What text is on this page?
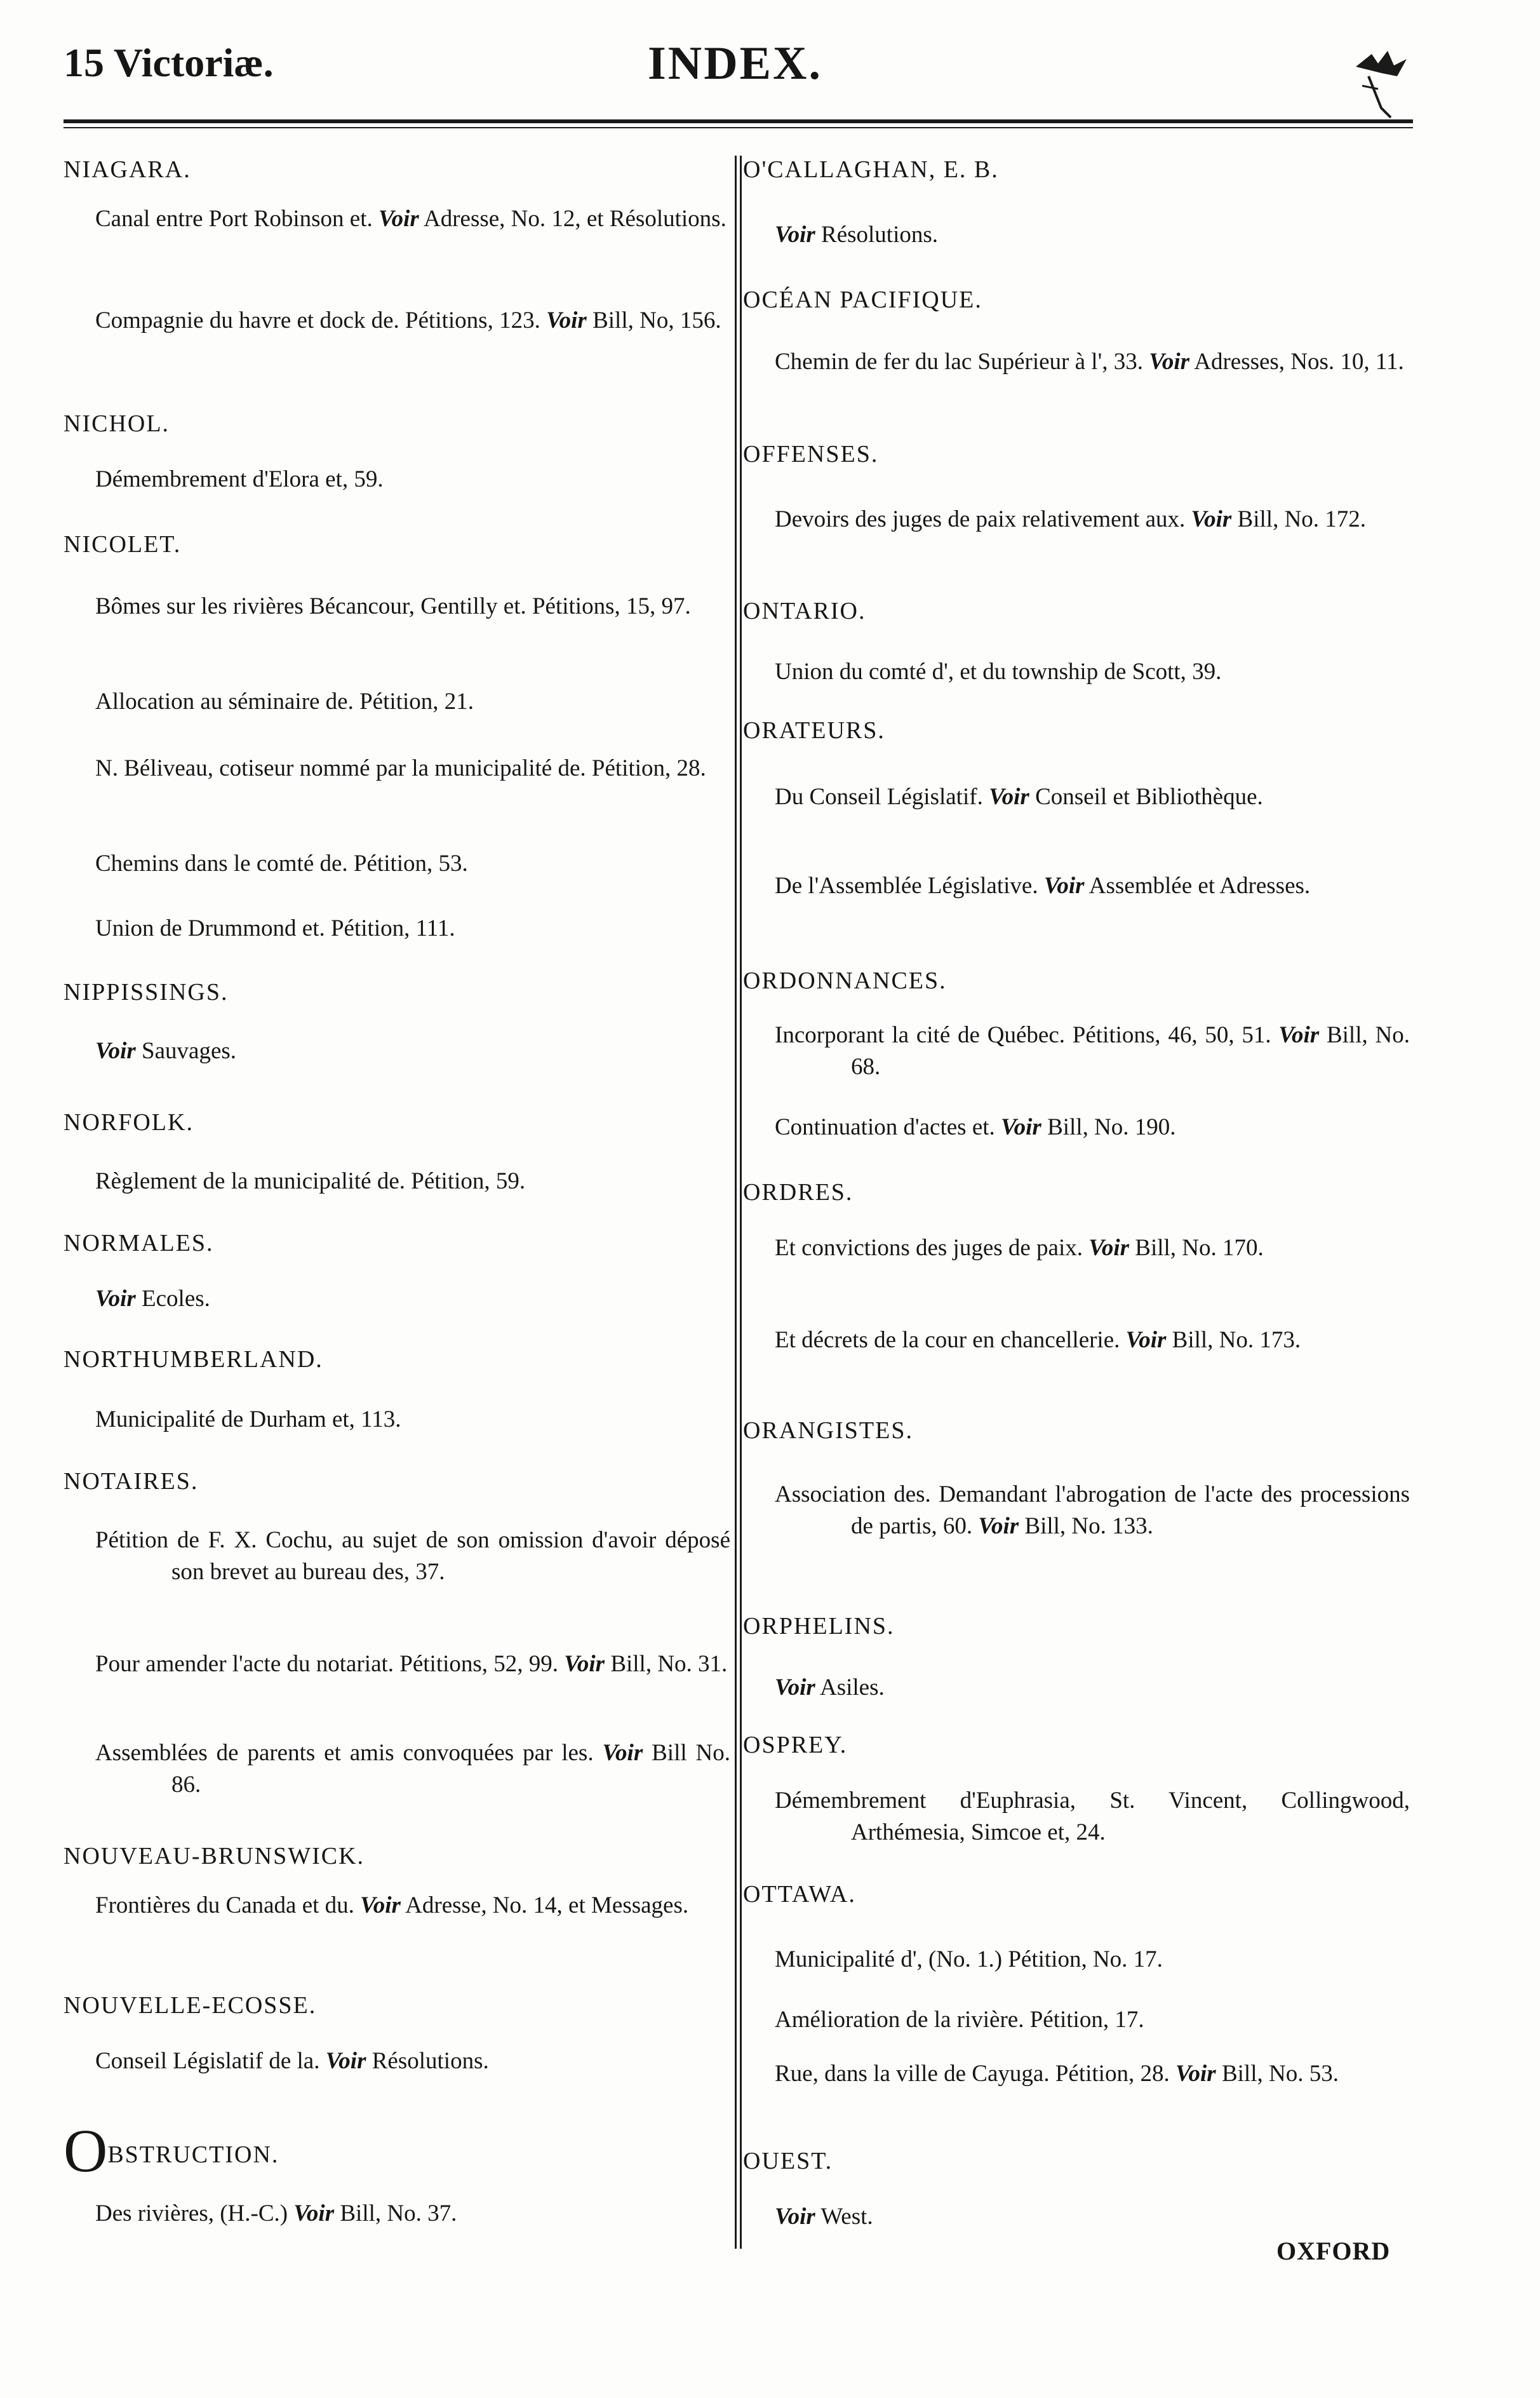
15 Victoriæ.	INDEX.
NIAGARA.
Canal entre Port Robinson et. Voir Adresse, No. 12, et Résolutions.
Compagnie du havre et dock de. Pétitions, 123. Voir Bill, No, 156.
NICHOL.
Démembrement d'Elora et, 59.
NICOLET.
Bômes sur les rivières Bécancour, Gentilly et. Pétitions, 15, 97.
Allocation au séminaire de. Pétition, 21.
N. Béliveau, cotiseur nommé par la municipalité de. Pétition, 28.
Chemins dans le comté de. Pétition, 53.
Union de Drummond et. Pétition, 111.
NIPPISSINGS.
Voir Sauvages.
NORFOLK.
Règlement de la municipalité de. Pétition, 59.
NORMALES.
Voir Ecoles.
NORTHUMBERLAND.
Municipalité de Durham et, 113.
NOTAIRES.
Pétition de F. X. Cochu, au sujet de son omission d'avoir déposé son brevet au bureau des, 37.
Pour amender l'acte du notariat. Pétitions, 52, 99. Voir Bill, No. 31.
Assemblées de parents et amis convoquées par les. Voir Bill No. 86.
NOUVEAU-BRUNSWICK.
Frontières du Canada et du. Voir Adresse, No. 14, et Messages.
NOUVELLE-ECOSSE.
Conseil Législatif de la. Voir Résolutions.
OBSTRUCTION.
Des rivières, (H.-C.) Voir Bill, No. 37.
O'CALLAGHAN, E. B.
Voir Résolutions.
OCÉAN PACIFIQUE.
Chemin de fer du lac Supérieur à l', 33. Voir Adresses, Nos. 10, 11.
OFFENSES.
Devoirs des juges de paix relativement aux. Voir Bill, No. 172.
ONTARIO.
Union du comté d', et du township de Scott, 39.
ORATEURS.
Du Conseil Législatif. Voir Conseil et Bibliothèque.
De l'Assemblée Législative. Voir Assemblée et Adresses.
ORDONNANCES.
Incorporant la cité de Québec. Pétitions, 46, 50, 51. Voir Bill, No. 68.
Continuation d'actes et. Voir Bill, No. 190.
ORDRES.
Et convictions des juges de paix. Voir Bill, No. 170.
Et décrets de la cour en chancellerie. Voir Bill, No. 173.
ORANGISTES.
Association des. Demandant l'abrogation de l'acte des processions de partis, 60. Voir Bill, No. 133.
ORPHELINS.
Voir Asiles.
OSPREY.
Démembrement d'Euphrasia, St. Vincent, Collingwood, Arthémesia, Simcoe et, 24.
OTTAWA.
Municipalité d', (No. 1.) Pétition, No. 17.
Amélioration de la rivière. Pétition, 17.
Rue, dans la ville de Cayuga. Pétition, 28. Voir Bill, No. 53.
OUEST.
Voir West.
OXFORD
